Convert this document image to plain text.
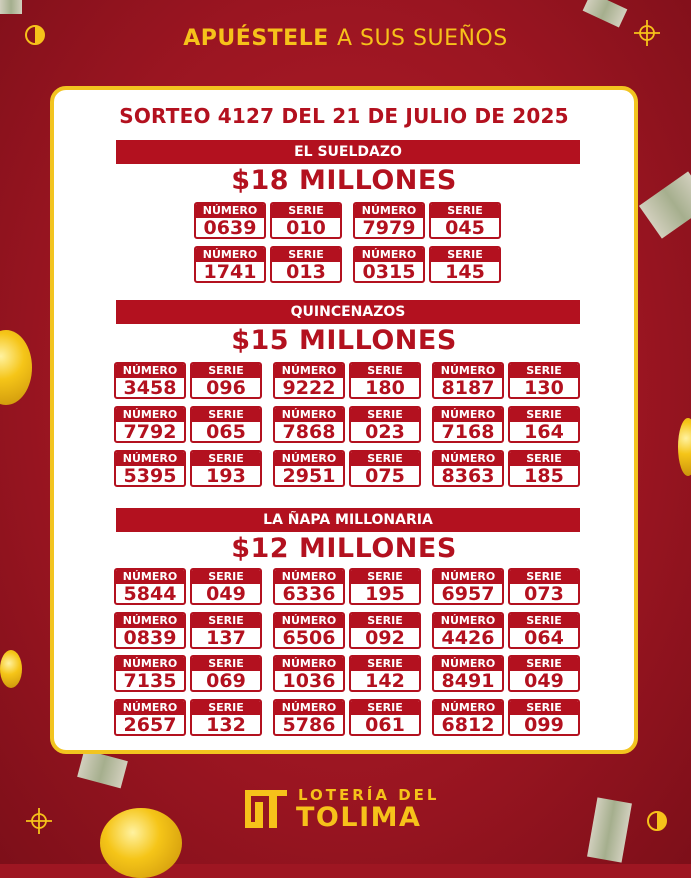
APUÉSTELE A SUS SUEÑOS
SORTEO 4127 DEL 21 DE JULIO DE 2025
EL SUELDAZO
$18 MILLONES
NÚMERO
0639
SERIE
010
NÚMERO
7979
SERIE
045
NÚMERO
1741
SERIE
013
NÚMERO
0315
SERIE
145
QUINCENAZOS
$15 MILLONES
NÚMERO
3458
SERIE
096
NÚMERO
9222
SERIE
180
NÚMERO
8187
SERIE
130
NÚMERO
7792
SERIE
065
NÚMERO
7868
SERIE
023
NÚMERO
7168
SERIE
164
NÚMERO
5395
SERIE
193
NÚMERO
2951
SERIE
075
NÚMERO
8363
SERIE
185
LA ÑAPA MILLONARIA
$12 MILLONES
NÚMERO
5844
SERIE
049
NÚMERO
6336
SERIE
195
NÚMERO
6957
SERIE
073
NÚMERO
0839
SERIE
137
NÚMERO
6506
SERIE
092
NÚMERO
4426
SERIE
064
NÚMERO
7135
SERIE
069
NÚMERO
1036
SERIE
142
NÚMERO
8491
SERIE
049
NÚMERO
2657
SERIE
132
NÚMERO
5786
SERIE
061
NÚMERO
6812
SERIE
099
LOTERÍA DEL
TOLIMA
